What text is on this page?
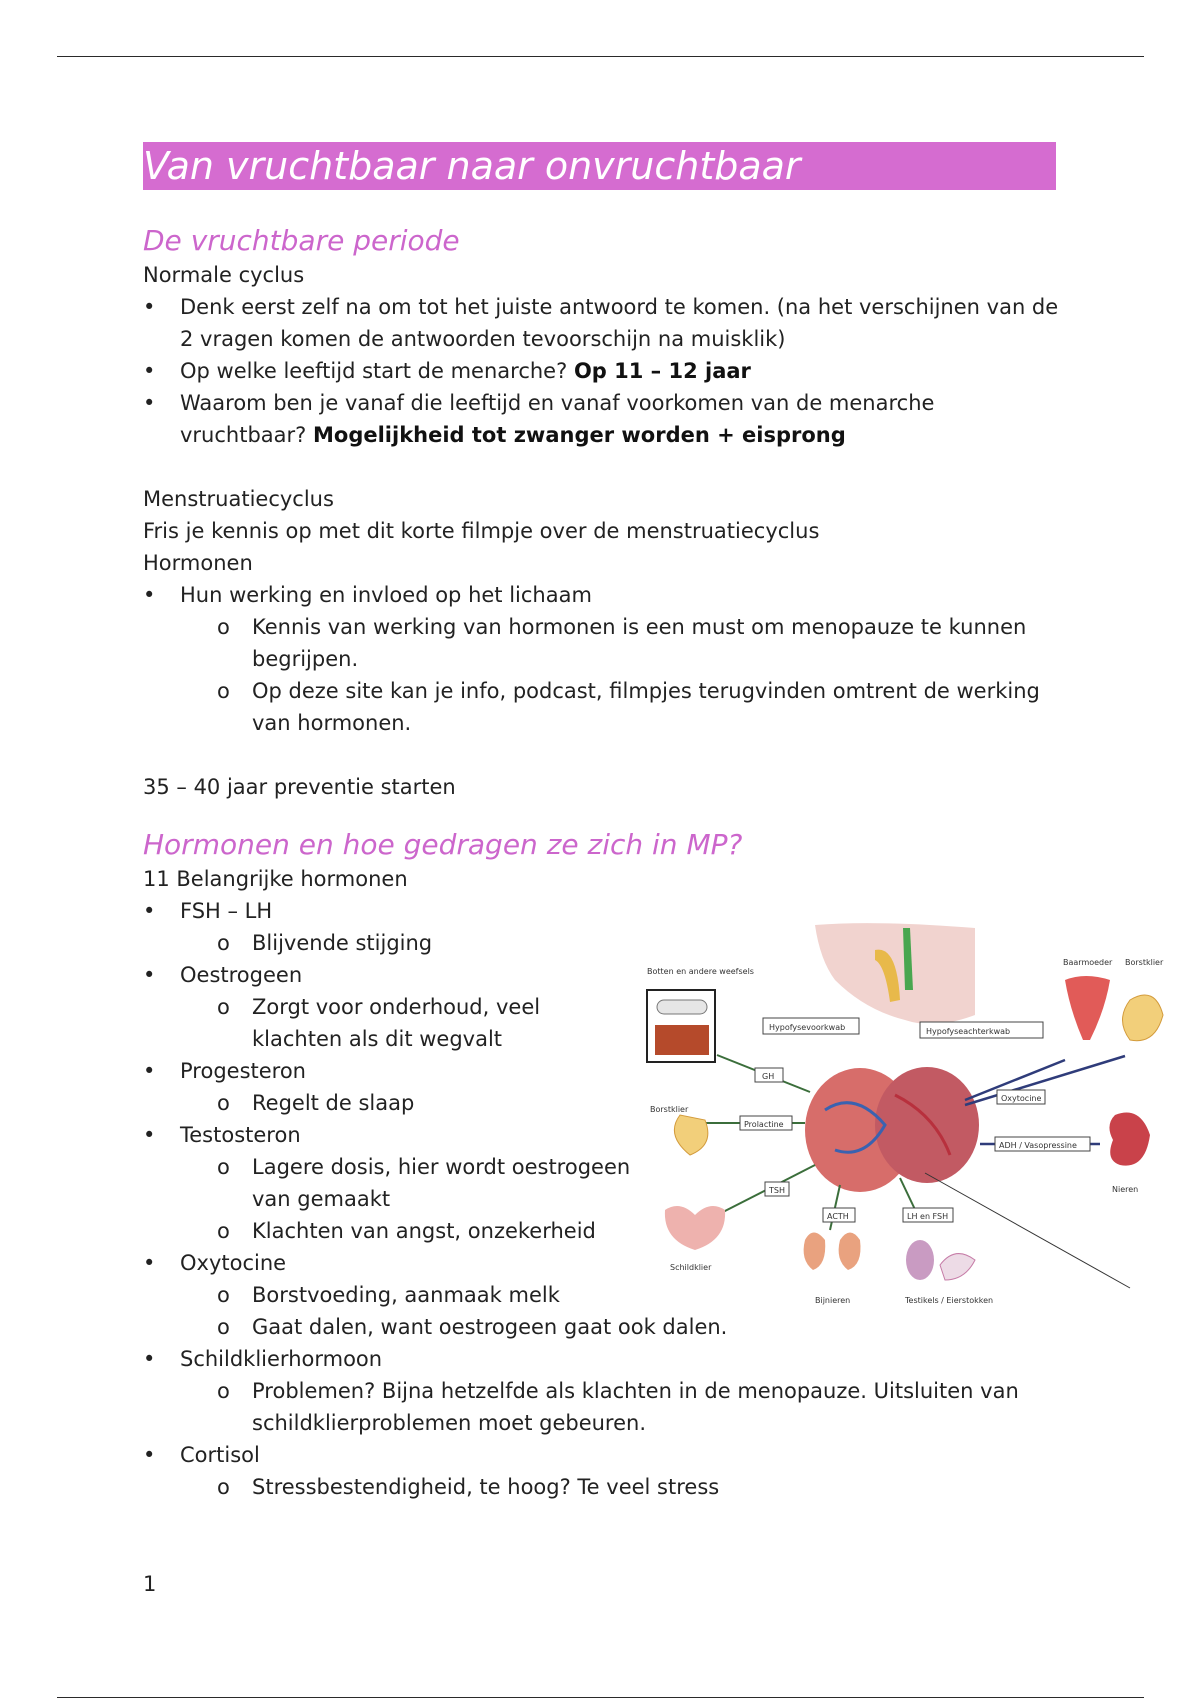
Van vruchtbaar naar onvruchtbaar
De vruchtbare periode

Normale cyclus

• Denk eerst zelf na om tot het juiste antwoord te komen. (na het verschijnen van de 2 vragen komen de antwoorden tevoorschijn na muisklik)
• Op welke leeftijd start de menarche? Op 11 – 12 jaar
• Waarom ben je vanaf die leeftijd en vanaf voorkomen van de menarche vruchtbaar? Mogelijkheid tot zwanger worden + eisprong

Menstruatiecyclus

Fris je kennis op met dit korte filmpje over de menstruatiecyclus

Hormonen

• Hun werking en invloed op het lichaam
o Kennis van werking van hormonen is een must om menopauze te kunnen begrijpen.
o Op deze site kan je info, podcast, filmpjes terugvinden omtrent de werking van hormonen.

35 – 40 jaar preventie starten

Hormonen en hoe gedragen ze zich in MP?

11 Belangrijke hormonen

• FSH – LH
o Blijvende stijging
• Oestrogeen
o Zorgt voor onderhoud, veel klachten als dit wegvalt
• Progesteron
o Regelt de slaap
• Testosteron
o Lagere dosis, hier wordt oestrogeen van gemaakt
o Klachten van angst, onzekerheid
• Oxytocine
o Borstvoeding, aanmaak melk
o Gaat dalen, want oestrogeen gaat ook dalen.
• Schildklierhormoon
o Problemen? Bijna hetzelfde als klachten in de menopauze. Uitsluiten van schildklierproblemen moet gebeuren.
• Cortisol
o Stressbestendigheid, te hoog? Te veel stress
Hypofysevoorkwab	Hypofyseachterkwab
Botten en andere weefsels
GH
Prolactine
Borstklier
TSH
Schildklier
ACTH
Bijnieren
LH en FSH
Testikels / Eierstokken
Oxytocine
ADH / Vasopressine
Baarmoeder Borstklier
Nieren
1
